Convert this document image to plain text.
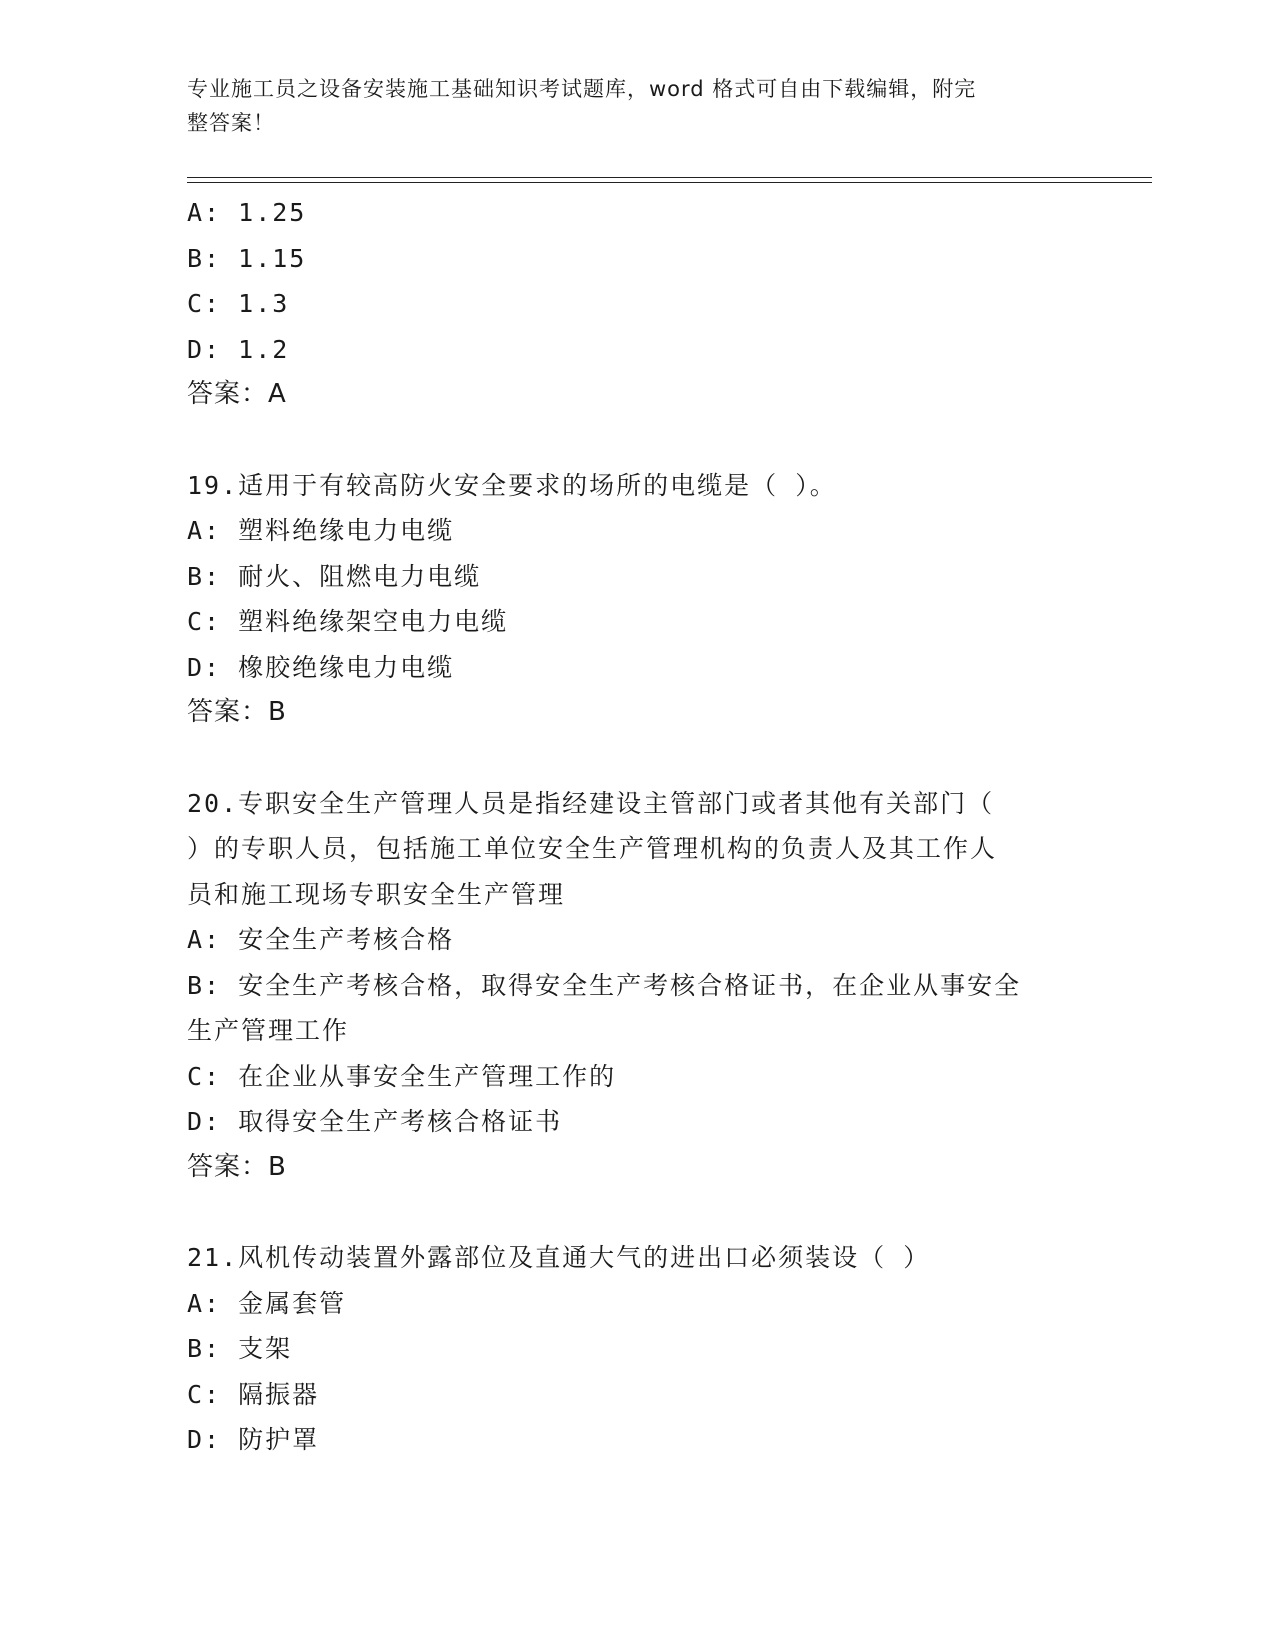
专业施工员之设备安装施工基础知识考试题库，word 格式可自由下载编辑，附完
整答案！
A: 1.25
B: 1.15
C: 1.3
D: 1.2
答案：A
19.适用于有较高防火安全要求的场所的电缆是（ ）。
A: 塑料绝缘电力电缆
B: 耐火、阻燃电力电缆
C: 塑料绝缘架空电力电缆
D: 橡胶绝缘电力电缆
答案：B
20.专职安全生产管理人员是指经建设主管部门或者其他有关部门（
）的专职人员，包括施工单位安全生产管理机构的负责人及其工作人
员和施工现场专职安全生产管理
A: 安全生产考核合格
B: 安全生产考核合格，取得安全生产考核合格证书，在企业从事安全
生产管理工作
C: 在企业从事安全生产管理工作的
D: 取得安全生产考核合格证书
答案：B
21.风机传动装置外露部位及直通大气的进出口必须装设（ ）
A: 金属套管
B: 支架
C: 隔振器
D: 防护罩
